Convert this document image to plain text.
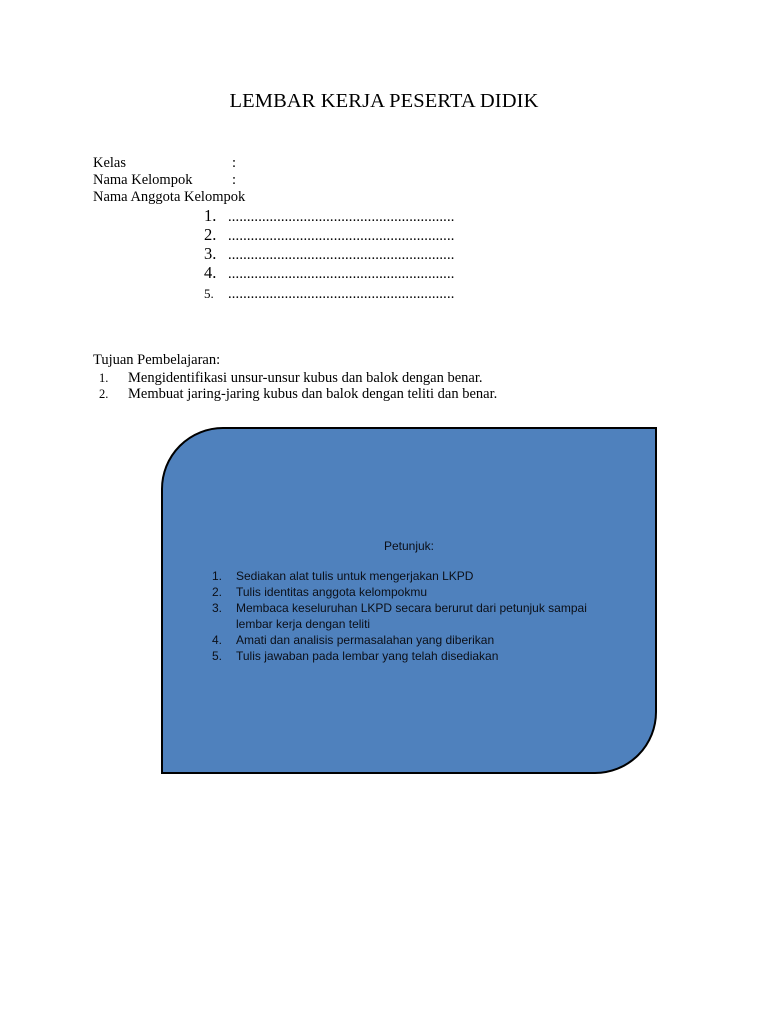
LEMBAR KERJA PESERTA DIDIK
Kelas	:
Nama Kelompok	:
Nama Anggota Kelompok
1. ............................................................
2. ............................................................
3. ............................................................
4. ............................................................
5. ............................................................
Tujuan Pembelajaran:
1. Mengidentifikasi unsur-unsur kubus dan balok dengan benar.
2. Membuat jaring-jaring kubus dan balok dengan teliti dan benar.
Petunjuk:
1. Sediakan alat tulis untuk mengerjakan LKPD
2. Tulis identitas anggota kelompokmu
3. Membaca keseluruhan LKPD secara berurut dari petunjuk sampai lembar kerja dengan teliti
4. Amati dan analisis permasalahan yang diberikan
5. Tulis jawaban pada lembar yang telah disediakan
